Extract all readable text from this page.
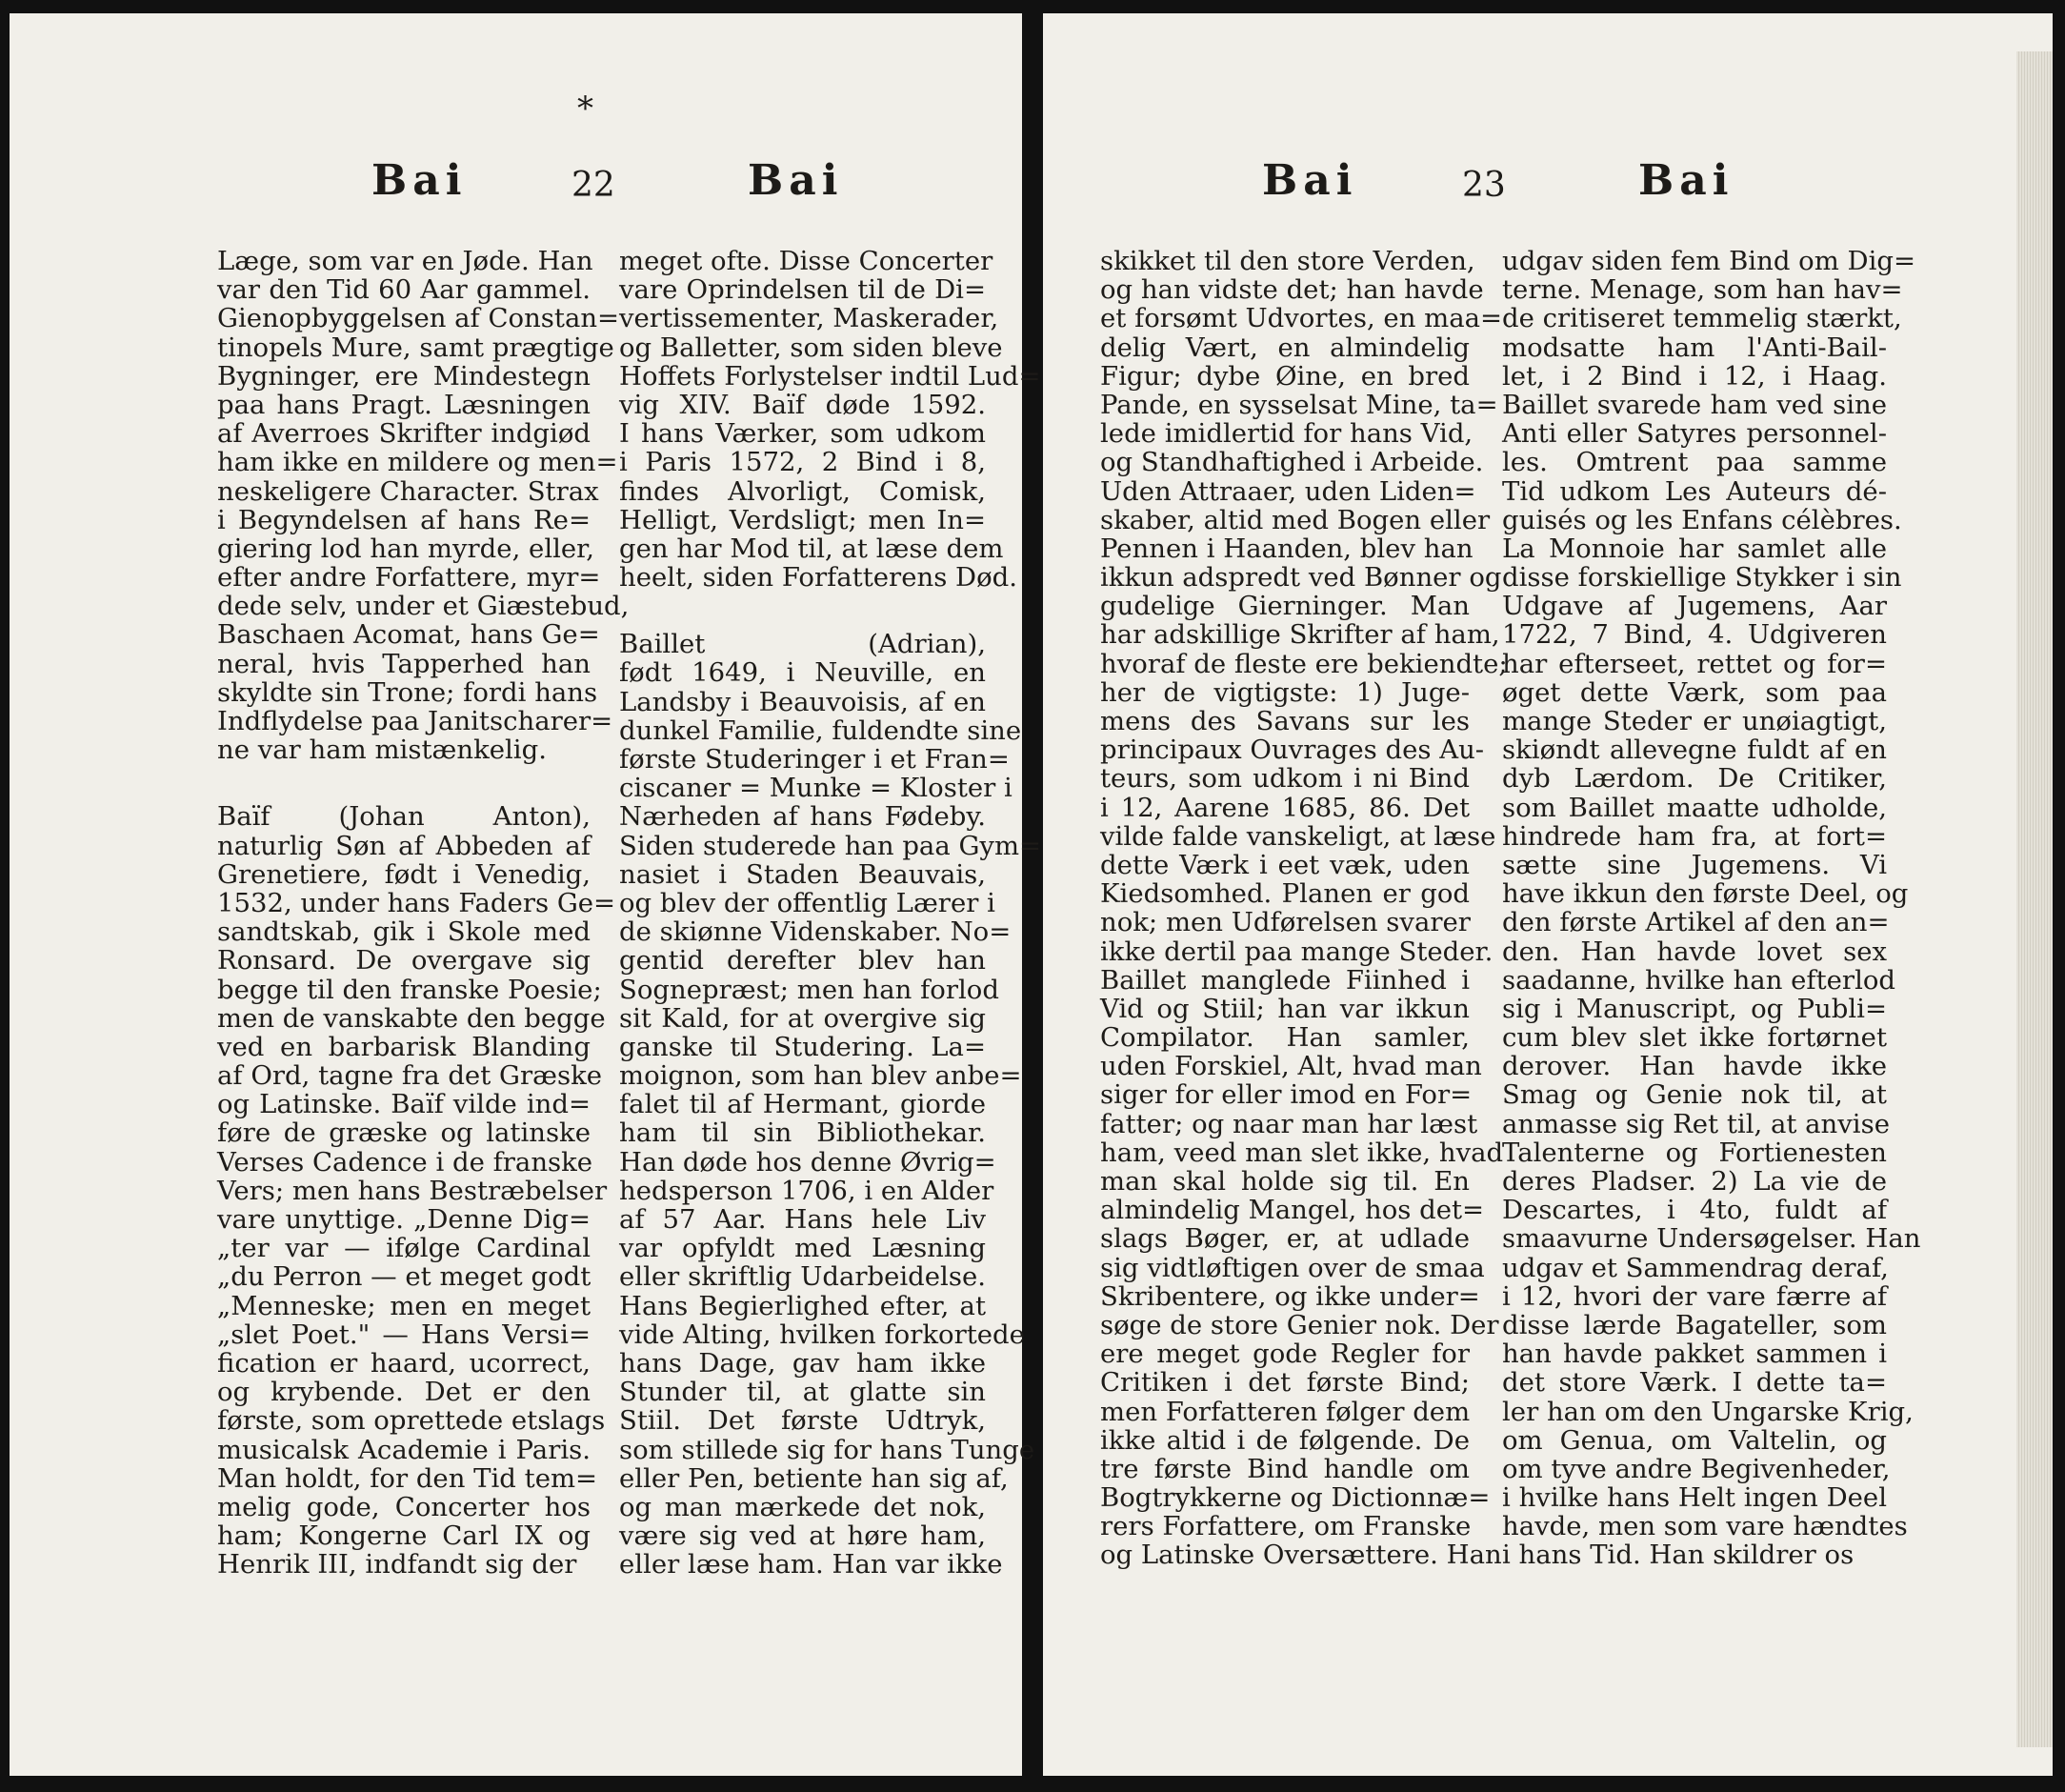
*
Bai	22	Bai
Læge, som var en Jøde. Han
var den Tid 60 Aar gammel.
Gienopbyggelsen af Constan=
tinopels Mure, samt prægtige
Bygninger, ere Mindestegn
paa hans Pragt. Læsningen
af Averroes Skrifter indgiød
ham ikke en mildere og men=
neskeligere Character. Strax
i Begyndelsen af hans Re=
giering lod han myrde, eller,
efter andre Forfattere, myr=
dede selv, under et Giæstebud,
Baschaen Acomat, hans Ge=
neral, hvis Tapperhed han
skyldte sin Trone; fordi hans
Indflydelse paa Janitscharer=
ne var ham mistænkelig.
Baïf (Johan Anton),
naturlig Søn af Abbeden af
Grenetiere, født i Venedig,
1532, under hans Faders Ge=
sandtskab, gik i Skole med
Ronsard. De overgave sig
begge til den franske Poesie;
men de vanskabte den begge
ved en barbarisk Blanding
af Ord, tagne fra det Græske
og Latinske. Baïf vilde ind=
føre de græske og latinske
Verses Cadence i de franske
Vers; men hans Bestræbelser
vare unyttige. „Denne Dig=
„ter var — ifølge Cardinal
„du Perron — et meget godt
„Menneske; men en meget
„slet Poet." — Hans Versi=
fication er haard, ucorrect,
og krybende. Det er den
første, som oprettede etslags
musicalsk Academie i Paris.
Man holdt, for den Tid tem=
melig gode, Concerter hos
ham; Kongerne Carl IX og
Henrik III, indfandt sig der
meget ofte. Disse Concerter
vare Oprindelsen til de Di=
vertissementer, Maskerader,
og Balletter, som siden bleve
Hoffets Forlystelser indtil Lud=
vig XIV. Baïf døde 1592.
I hans Værker, som udkom
i Paris 1572, 2 Bind i 8,
findes Alvorligt, Comisk,
Helligt, Verdsligt; men In=
gen har Mod til, at læse dem
heelt, siden Forfatterens Død.
Baillet (Adrian),
født 1649, i Neuville, en
Landsby i Beauvoisis, af en
dunkel Familie, fuldendte sine
første Studeringer i et Fran=
ciscaner = Munke = Kloster i
Nærheden af hans Fødeby.
Siden studerede han paa Gym=
nasiet i Staden Beauvais,
og blev der offentlig Lærer i
de skiønne Videnskaber. No=
gentid derefter blev han
Sognepræst; men han forlod
sit Kald, for at overgive sig
ganske til Studering. La=
moignon, som han blev anbe=
falet til af Hermant, giorde
ham til sin Bibliothekar.
Han døde hos denne Øvrig=
hedsperson 1706, i en Alder
af 57 Aar. Hans hele Liv
var opfyldt med Læsning
eller skriftlig Udarbeidelse.
Hans Begierlighed efter, at
vide Alting, hvilken forkortede
hans Dage, gav ham ikke
Stunder til, at glatte sin
Stiil. Det første Udtryk,
som stillede sig for hans Tunge
eller Pen, betiente han sig af,
og man mærkede det nok,
være sig ved at høre ham,
eller læse ham. Han var ikke
Bai	23	Bai
skikket til den store Verden,
og han vidste det; han havde
et forsømt Udvortes, en maa=
delig Vært, en almindelig
Figur; dybe Øine, en bred
Pande, en sysselsat Mine, ta=
lede imidlertid for hans Vid,
og Standhaftighed i Arbeide.
Uden Attraaer, uden Liden=
skaber, altid med Bogen eller
Pennen i Haanden, blev han
ikkun adspredt ved Bønner og
gudelige Gierninger. Man
har adskillige Skrifter af ham,
hvoraf de fleste ere bekiendte;
her de vigtigste: 1) Juge-
mens des Savans sur les
principaux Ouvrages des Au-
teurs, som udkom i ni Bind
i 12, Aarene 1685, 86. Det
vilde falde vanskeligt, at læse
dette Værk i eet væk, uden
Kiedsomhed. Planen er god
nok; men Udførelsen svarer
ikke dertil paa mange Steder.
Baillet manglede Fiinhed i
Vid og Stiil; han var ikkun
Compilator. Han samler,
uden Forskiel, Alt, hvad man
siger for eller imod en For=
fatter; og naar man har læst
ham, veed man slet ikke, hvad
man skal holde sig til. En
almindelig Mangel, hos det=
slags Bøger, er, at udlade
sig vidtløftigen over de smaa
Skribentere, og ikke under=
søge de store Genier nok. Der
ere meget gode Regler for
Critiken i det første Bind;
men Forfatteren følger dem
ikke altid i de følgende. De
tre første Bind handle om
Bogtrykkerne og Dictionnæ=
rers Forfattere, om Franske
og Latinske Oversættere. Han
udgav siden fem Bind om Dig=
terne. Menage, som han hav=
de critiseret temmelig stærkt,
modsatte ham l'Anti-Bail-
let, i 2 Bind i 12, i Haag.
Baillet svarede ham ved sine
Anti eller Satyres personnel-
les. Omtrent paa samme
Tid udkom Les Auteurs dé-
guisés og les Enfans célèbres.
La Monnoie har samlet alle
disse forskiellige Stykker i sin
Udgave af Jugemens, Aar
1722, 7 Bind, 4. Udgiveren
har efterseet, rettet og for=
øget dette Værk, som paa
mange Steder er unøiagtigt,
skiøndt allevegne fuldt af en
dyb Lærdom. De Critiker,
som Baillet maatte udholde,
hindrede ham fra, at fort=
sætte sine Jugemens. Vi
have ikkun den første Deel, og
den første Artikel af den an=
den. Han havde lovet sex
saadanne, hvilke han efterlod
sig i Manuscript, og Publi=
cum blev slet ikke fortørnet
derover. Han havde ikke
Smag og Genie nok til, at
anmasse sig Ret til, at anvise
Talenterne og Fortienesten
deres Pladser. 2) La vie de
Descartes, i 4to, fuldt af
smaavurne Undersøgelser. Han
udgav et Sammendrag deraf,
i 12, hvori der vare færre af
disse lærde Bagateller, som
han havde pakket sammen i
det store Værk. I dette ta=
ler han om den Ungarske Krig,
om Genua, om Valtelin, og
om tyve andre Begivenheder,
i hvilke hans Helt ingen Deel
havde, men som vare hændtes
i hans Tid. Han skildrer os
